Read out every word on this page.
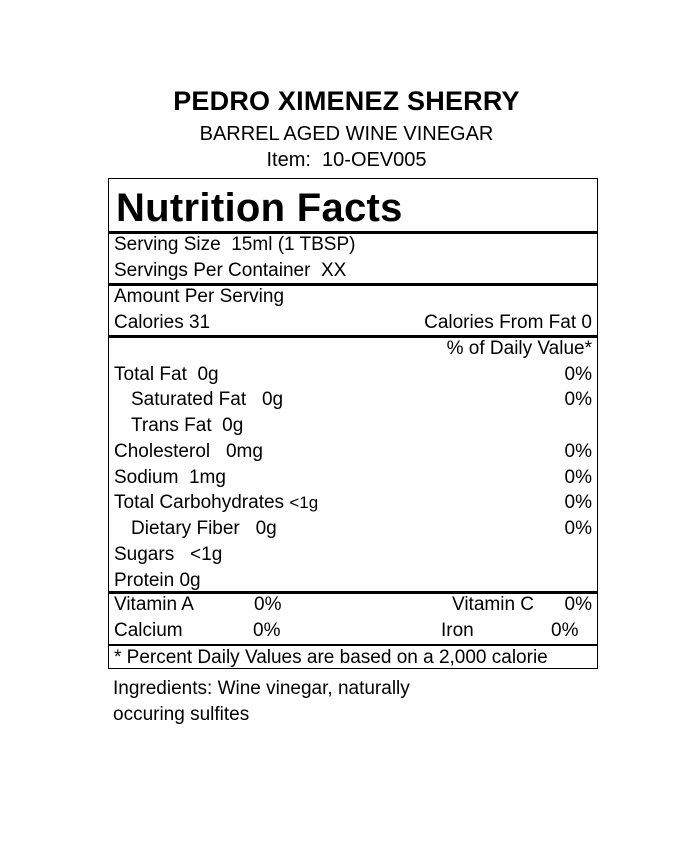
PEDRO XIMENEZ SHERRY
BARREL AGED WINE VINEGAR
Item: 10-OEV005
Nutrition Facts
Serving Size 15ml (1 TBSP)
Servings Per Container XX
Amount Per Serving
Calories 31	Calories From Fat 0
% of Daily Value*
Total Fat 0g	0%
Saturated Fat 0g	0%
Trans Fat 0g
Cholesterol 0mg	0%
Sodium 1mg	0%
Total Carbohydrates <1g	0%
Dietary Fiber 0g	0%
Sugars <1g
Protein 0g
Vitamin A	0%	Vitamin C 0%
Calcium	0%	Iron	0%
* Percent Daily Values are based on a 2,000 calorie
Ingredients: Wine vinegar, naturally
occuring sulfites
